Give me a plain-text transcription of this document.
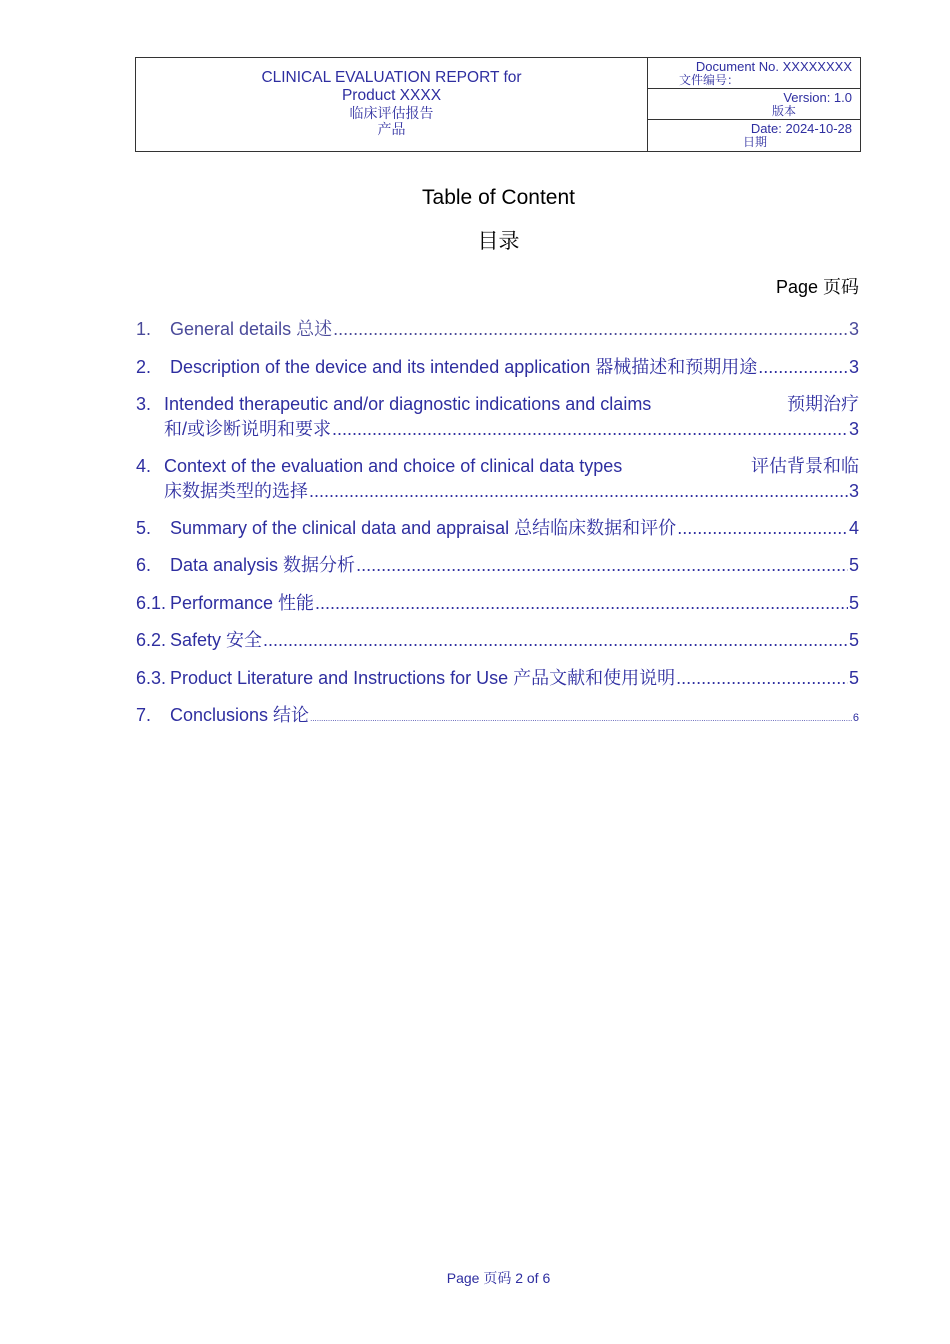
CLINICAL EVALUATION REPORT for
Product XXXX
临床评估报告
产品
Document No. XXXXXXXX
文件编号：
Version: 1.0
版本
Date: 2024-10-28
日期
Table of Content
目录
Page 页码
1.	General details 总述 .....	3
2.	Description of the device and its intended application 器械描述和预期用途 .....	3
3. Intended therapeutic and/or diagnostic indications and claims	预期治疗
和/或诊断说明和要求 .....	3
4. Context of the evaluation and choice of clinical data types	评估背景和临
床数据类型的选择 .....	3
5.	Summary of the clinical data and appraisal 总结临床数据和评价 .....	4
6.	Data analysis 数据分析 .....	5
6.1. Performance 性能 .....	5
6.2. Safety 安全 .....	5
6.3. Product Literature and Instructions for Use 产品文献和使用说明 .....	5
7.	Conclusions 结论 .....	6
Page 页码 2 of 6
